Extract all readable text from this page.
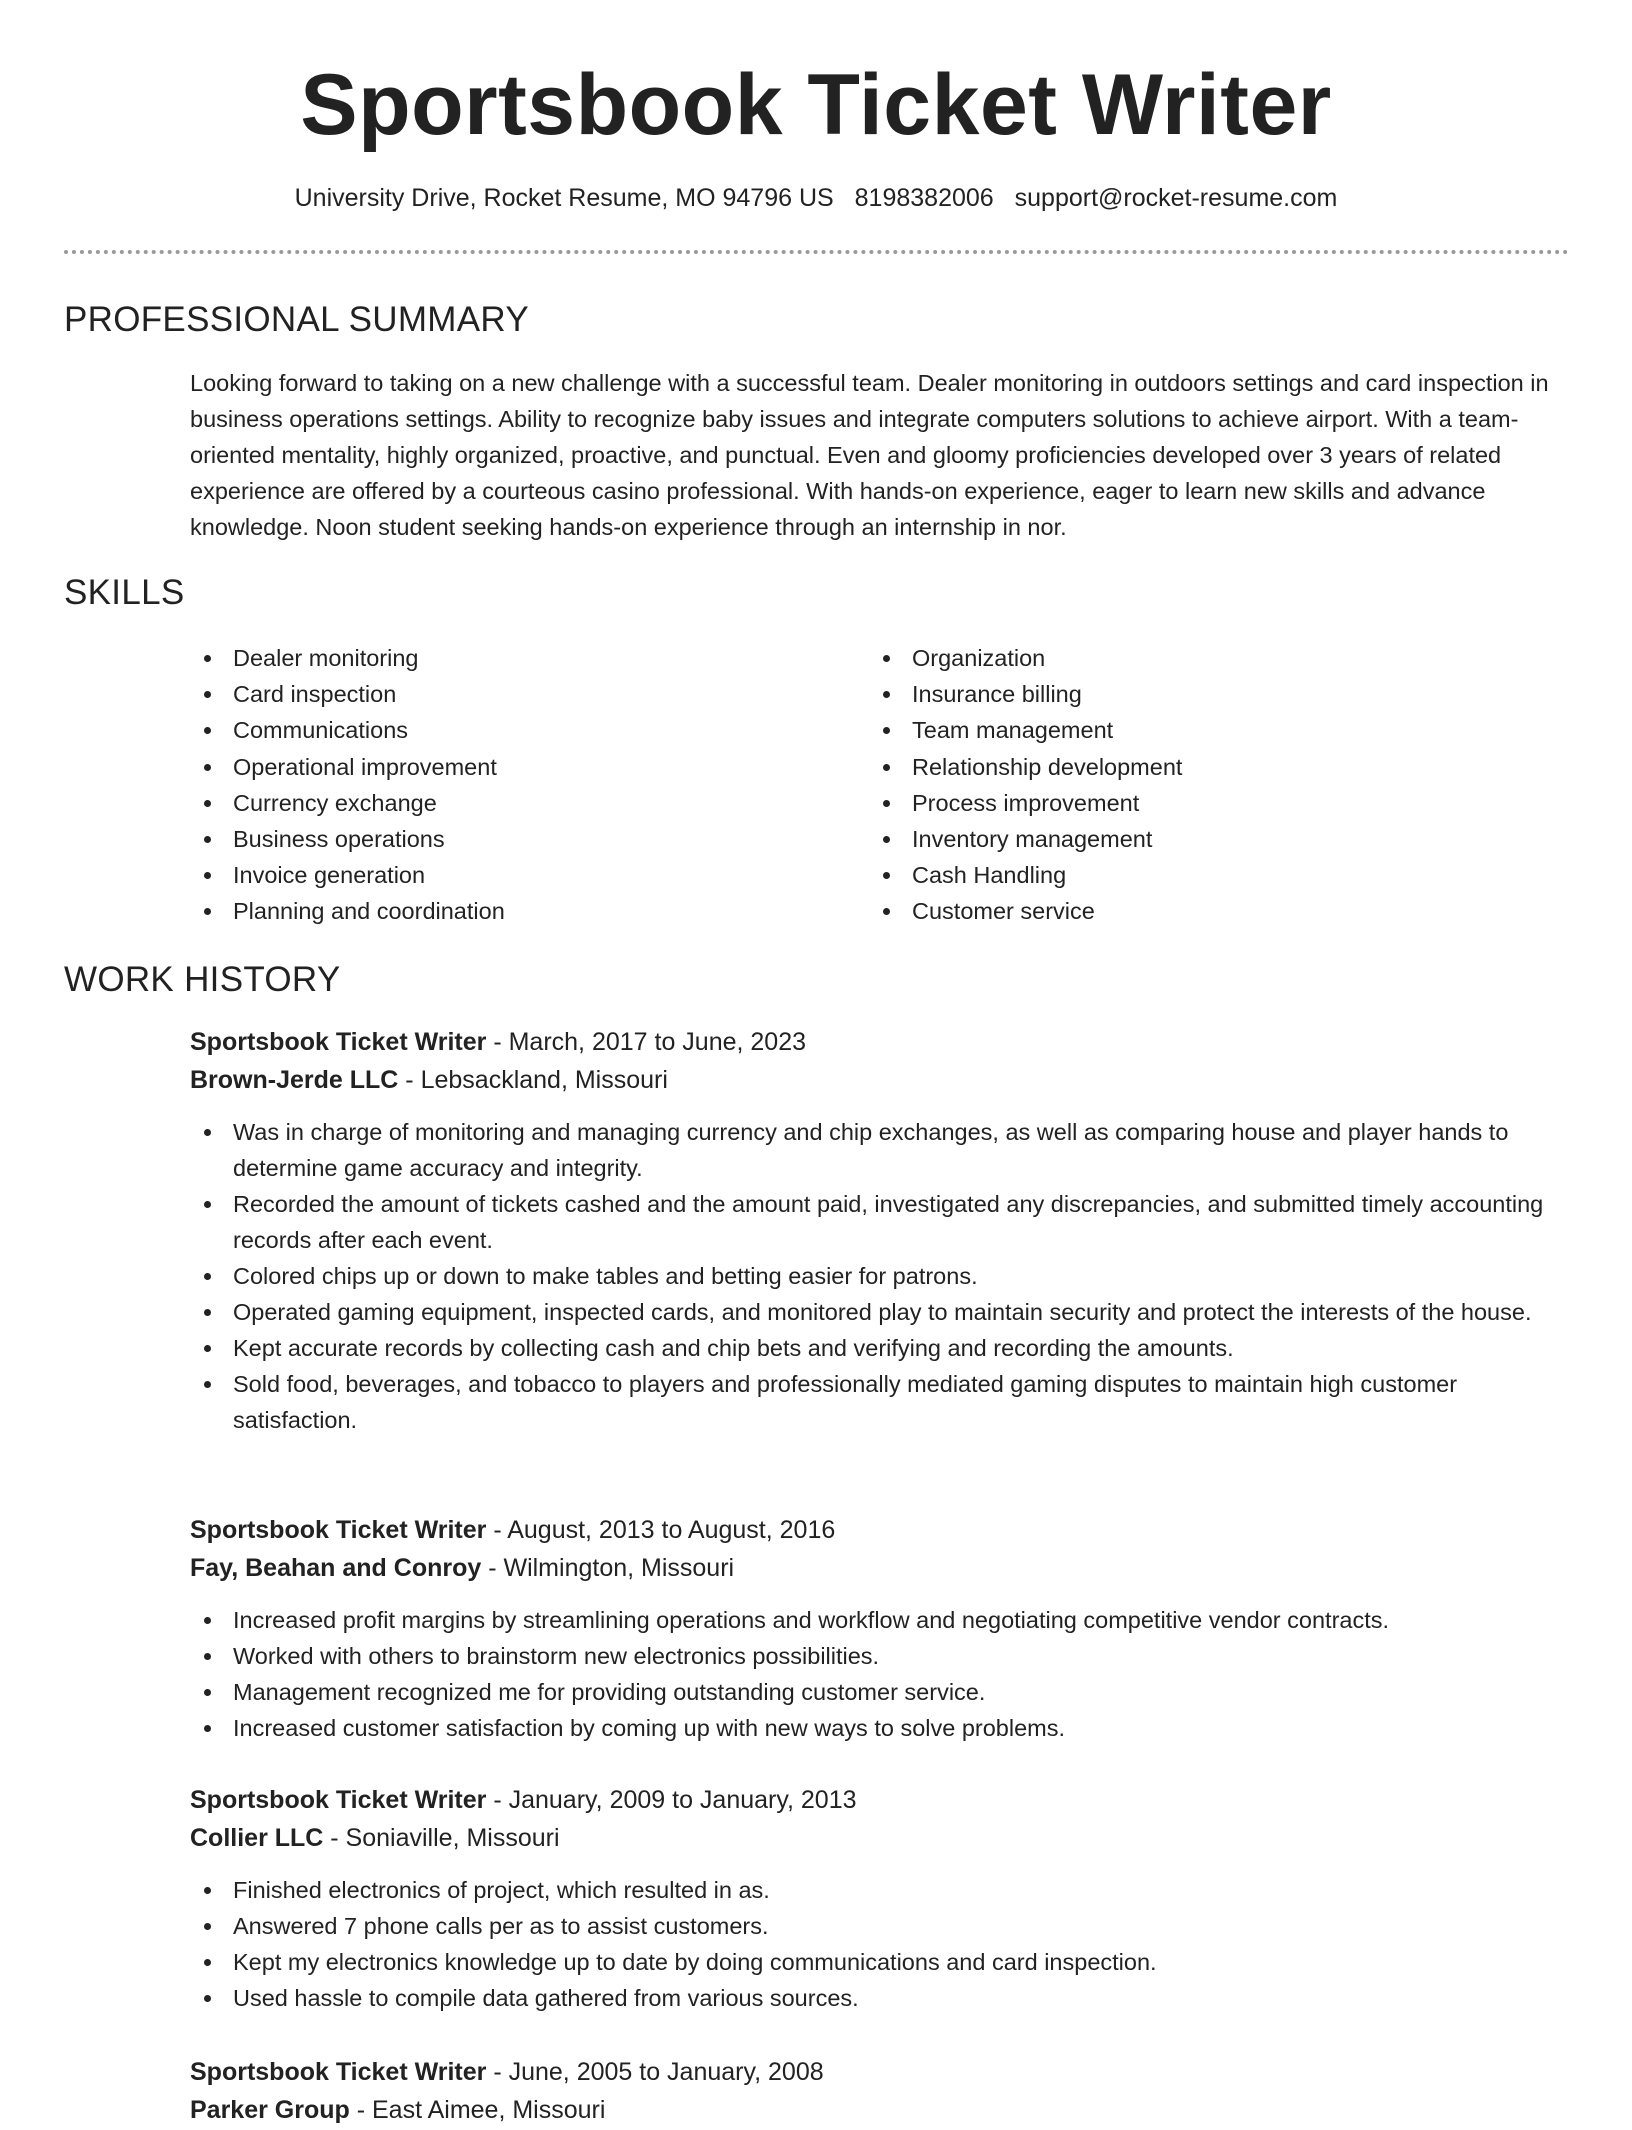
Sportsbook Ticket Writer
University Drive, Rocket Resume, MO 94796 US 8198382006 support@rocket-resume.com
PROFESSIONAL SUMMARY

Looking forward to taking on a new challenge with a successful team. Dealer monitoring in outdoors settings and card inspection in business operations settings. Ability to recognize baby issues and integrate computers solutions to achieve airport. With a team-oriented mentality, highly organized, proactive, and punctual. Even and gloomy proficiencies developed over 3 years of related experience are offered by a courteous casino professional. With hands-on experience, eager to learn new skills and advance knowledge. Noon student seeking hands-on experience through an internship in nor.

SKILLS
Dealer monitoring
Card inspection
Communications
Operational improvement
Currency exchange
Business operations
Invoice generation
Planning and coordination
Organization
Insurance billing
Team management
Relationship development
Process improvement
Inventory management
Cash Handling
Customer service
WORK HISTORY
Sportsbook Ticket Writer - March, 2017 to June, 2023
Brown-Jerde LLC - Lebsackland, Missouri
Was in charge of monitoring and managing currency and chip exchanges, as well as comparing house and player hands to determine game accuracy and integrity.
Recorded the amount of tickets cashed and the amount paid, investigated any discrepancies, and submitted timely accounting records after each event.
Colored chips up or down to make tables and betting easier for patrons.
Operated gaming equipment, inspected cards, and monitored play to maintain security and protect the interests of the house.
Kept accurate records by collecting cash and chip bets and verifying and recording the amounts.
Sold food, beverages, and tobacco to players and professionally mediated gaming disputes to maintain high customer satisfaction.
Sportsbook Ticket Writer - August, 2013 to August, 2016
Fay, Beahan and Conroy - Wilmington, Missouri
Increased profit margins by streamlining operations and workflow and negotiating competitive vendor contracts.
Worked with others to brainstorm new electronics possibilities.
Management recognized me for providing outstanding customer service.
Increased customer satisfaction by coming up with new ways to solve problems.
Sportsbook Ticket Writer - January, 2009 to January, 2013
Collier LLC - Soniaville, Missouri
Finished electronics of project, which resulted in as.
Answered 7 phone calls per as to assist customers.
Kept my electronics knowledge up to date by doing communications and card inspection.
Used hassle to compile data gathered from various sources.
Sportsbook Ticket Writer - June, 2005 to January, 2008
Parker Group - East Aimee, Missouri
